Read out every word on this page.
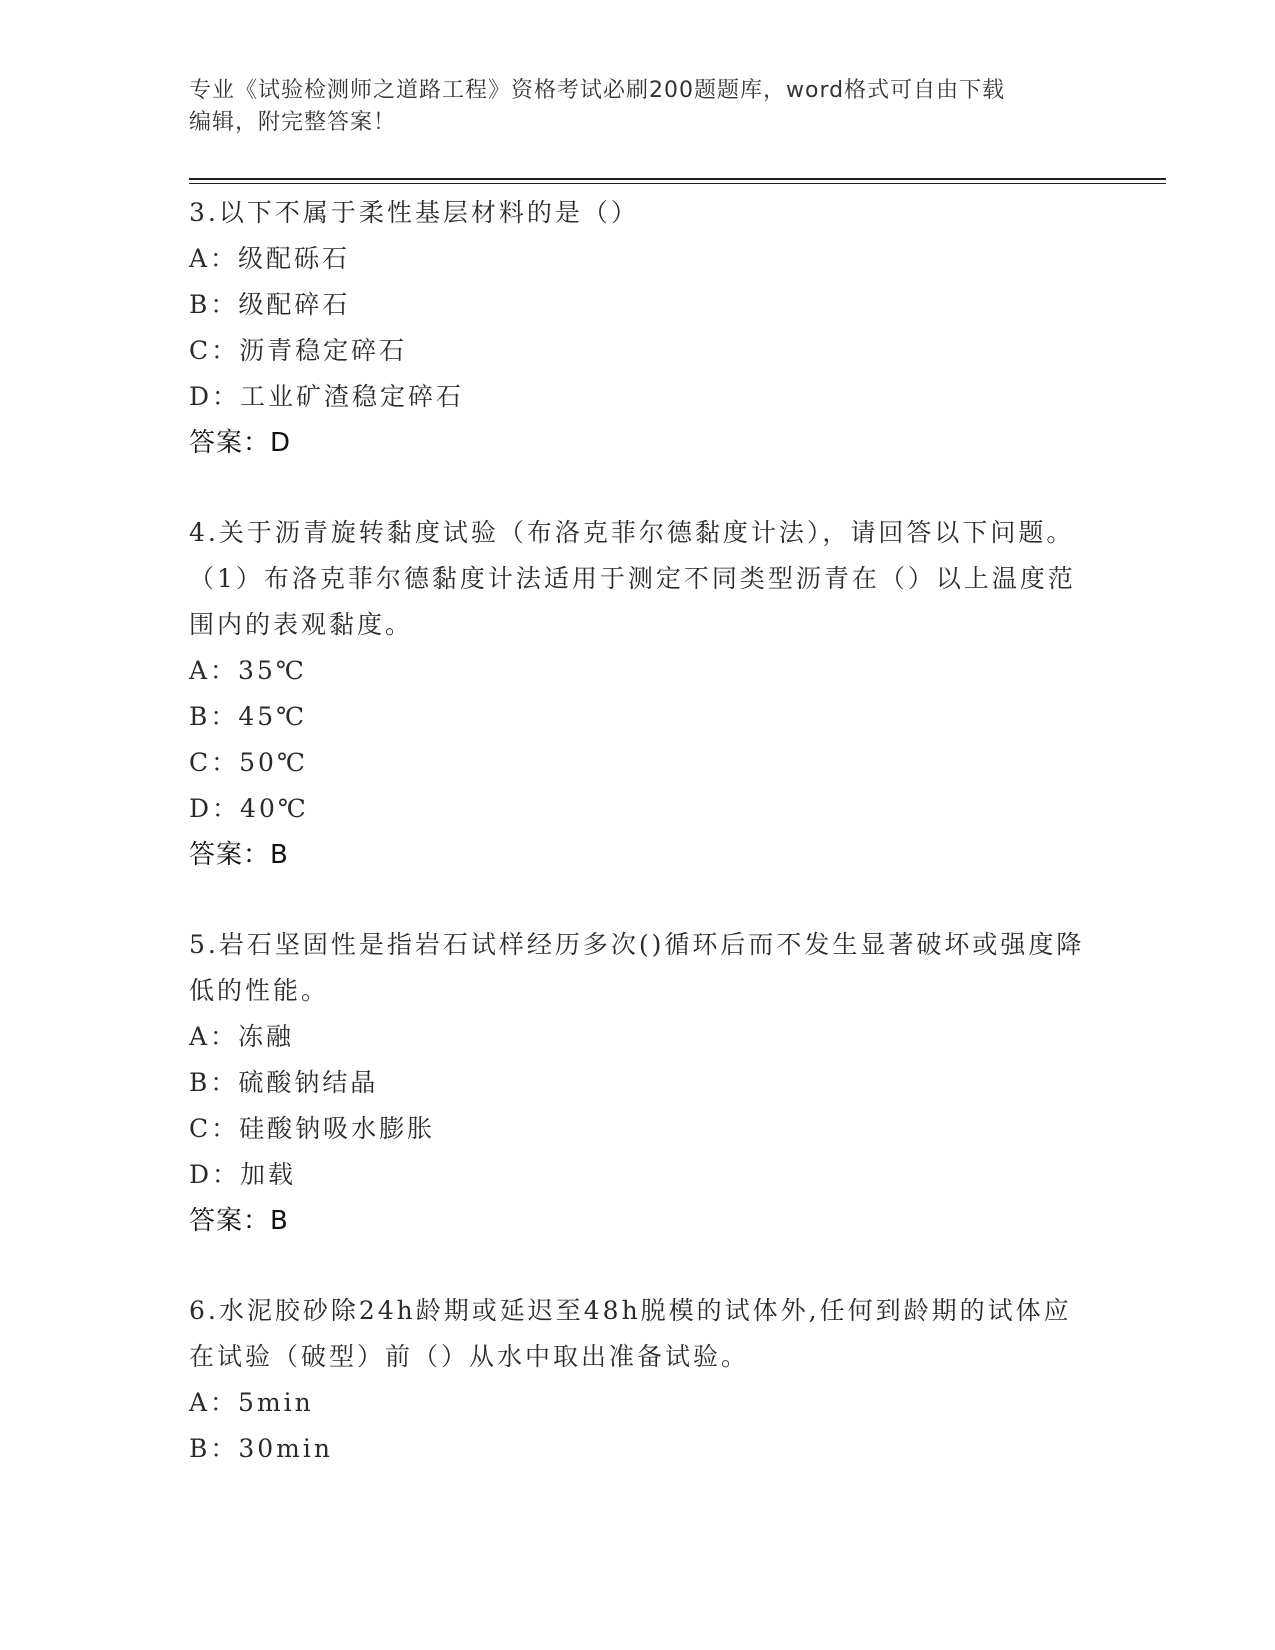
专业《试验检测师之道路工程》资格考试必刷200题题库，word格式可自由下载
编辑，附完整答案！

3.以下不属于柔性基层材料的是（）

A：级配砾石

B：级配碎石

C：沥青稳定碎石

D：工业矿渣稳定碎石

答案：D

4.关于沥青旋转黏度试验（布洛克菲尔德黏度计法），请回答以下问题。（1）布洛克菲尔德黏度计法适用于测定不同类型沥青在（）以上温度范围内的表观黏度。

A：35℃

B：45℃

C：50℃

D：40℃

答案：B

5.岩石坚固性是指岩石试样经历多次()循环后而不发生显著破坏或强度降低的性能。

A：冻融

B：硫酸钠结晶

C：硅酸钠吸水膨胀

D：加载

答案：B

6.水泥胶砂除24h龄期或延迟至48h脱模的试体外,任何到龄期的试体应在试验（破型）前（）从水中取出准备试验。

A：5min

B：30min
